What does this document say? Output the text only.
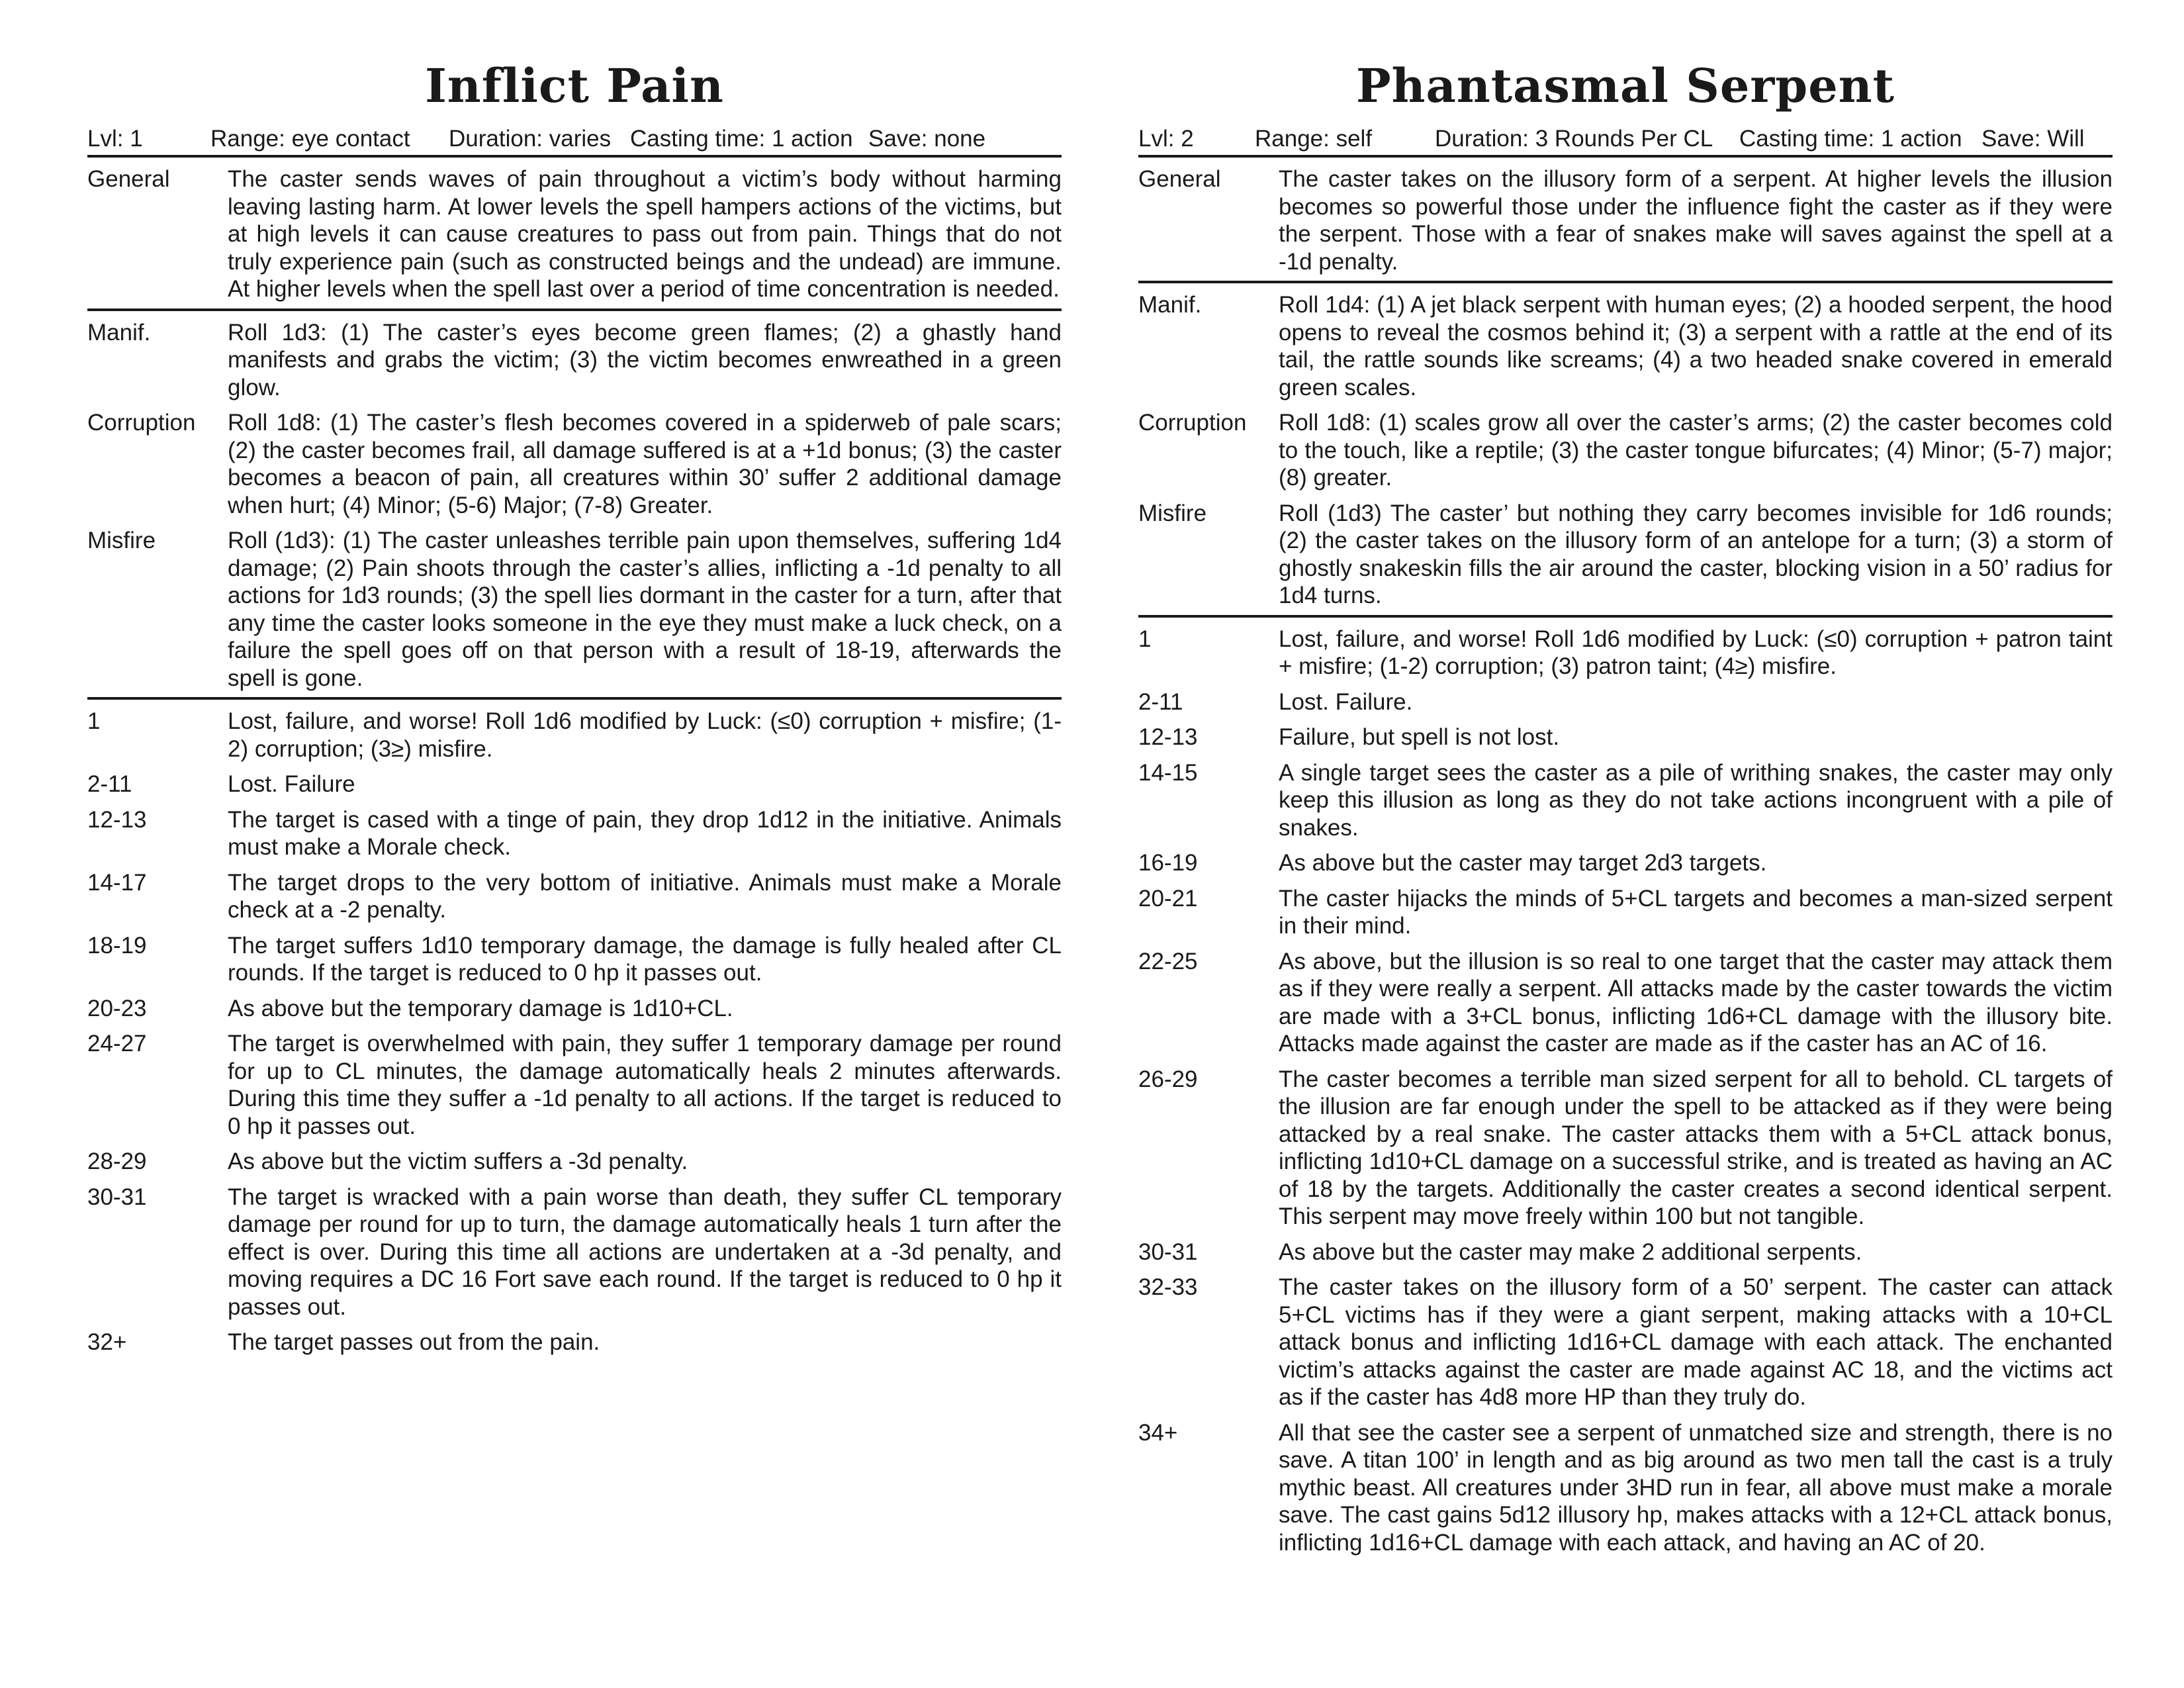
Inflict Pain
Lvl: 1	Range: eye contact Duration: varies Casting time: 1 action Save: none
General	The caster sends waves of pain throughout a victim’s body without harming leaving lasting harm. At lower levels the spell hampers actions of the victims, but at high levels it can cause creatures to pass out from pain. Things that do not truly experience pain (such as constructed beings and the undead) are immune. At higher levels when the spell last over a period of time concentration is needed.
Manif.	Roll 1d3: (1) The caster’s eyes become green flames; (2) a ghastly hand manifests and grabs the victim; (3) the victim becomes enwreathed in a green glow.
Corruption	Roll 1d8: (1) The caster’s flesh becomes covered in a spiderweb of pale scars; (2) the caster becomes frail, all damage suffered is at a +1d bonus; (3) the caster becomes a beacon of pain, all creatures within 30’ suffer 2 additional damage when hurt; (4) Minor; (5-6) Major; (7-8) Greater.
Misfire	Roll (1d3): (1) The caster unleashes terrible pain upon themselves, suffering 1d4 damage; (2) Pain shoots through the caster’s allies, inflicting a -1d penalty to all actions for 1d3 rounds; (3) the spell lies dormant in the caster for a turn, after that any time the caster looks someone in the eye they must make a luck check, on a failure the spell goes off on that person with a result of 18-19, afterwards the spell is gone.
1	Lost, failure, and worse! Roll 1d6 modified by Luck: (≤0) corruption + misfire; (1-2) corruption; (3≥) misfire.
2-11	Lost. Failure
12-13	The target is cased with a tinge of pain, they drop 1d12 in the initiative. Animals must make a Morale check.
14-17	The target drops to the very bottom of initiative. Animals must make a Morale check at a -2 penalty.
18-19	The target suffers 1d10 temporary damage, the damage is fully healed after CL rounds. If the target is reduced to 0 hp it passes out.
20-23	As above but the temporary damage is 1d10+CL.
24-27	The target is overwhelmed with pain, they suffer 1 temporary damage per round for up to CL minutes, the damage automatically heals 2 minutes afterwards. During this time they suffer a -1d penalty to all actions. If the target is reduced to 0 hp it passes out.
28-29	As above but the victim suffers a -3d penalty.
30-31	The target is wracked with a pain worse than death, they suffer CL temporary damage per round for up to turn, the damage automatically heals 1 turn after the effect is over. During this time all actions are undertaken at a -3d penalty, and moving requires a DC 16 Fort save each round. If the target is reduced to 0 hp it passes out.
32+	The target passes out from the pain.
Phantasmal Serpent
Lvl: 2	Range: self	Duration: 3 Rounds Per CL Casting time: 1 action Save: Will
General	The caster takes on the illusory form of a serpent. At higher levels the illusion becomes so powerful those under the influence fight the caster as if they were the serpent. Those with a fear of snakes make will saves against the spell at a -1d penalty.
Manif.	Roll 1d4: (1) A jet black serpent with human eyes; (2) a hooded serpent, the hood opens to reveal the cosmos behind it; (3) a serpent with a rattle at the end of its tail, the rattle sounds like screams; (4) a two headed snake covered in emerald green scales.
Corruption	Roll 1d8: (1) scales grow all over the caster’s arms; (2) the caster becomes cold to the touch, like a reptile; (3) the caster tongue bifurcates; (4) Minor; (5-7) major; (8) greater.
Misfire	Roll (1d3) The caster’ but nothing they carry becomes invisible for 1d6 rounds; (2) the caster takes on the illusory form of an antelope for a turn; (3) a storm of ghostly snakeskin fills the air around the caster, blocking vision in a 50’ radius for 1d4 turns.
1	Lost, failure, and worse! Roll 1d6 modified by Luck: (≤0) corruption + patron taint + misfire; (1-2) corruption; (3) patron taint; (4≥) misfire.
2-11	Lost. Failure.
12-13	Failure, but spell is not lost.
14-15	A single target sees the caster as a pile of writhing snakes, the caster may only keep this illusion as long as they do not take actions incongruent with a pile of snakes.
16-19	As above but the caster may target 2d3 targets.
20-21	The caster hijacks the minds of 5+CL targets and becomes a man-sized serpent in their mind.
22-25	As above, but the illusion is so real to one target that the caster may attack them as if they were really a serpent. All attacks made by the caster towards the victim are made with a 3+CL bonus, inflicting 1d6+CL damage with the illusory bite. Attacks made against the caster are made as if the caster has an AC of 16.
26-29	The caster becomes a terrible man sized serpent for all to behold. CL targets of the illusion are far enough under the spell to be attacked as if they were being attacked by a real snake. The caster attacks them with a 5+CL attack bonus, inflicting 1d10+CL damage on a successful strike, and is treated as having an AC of 18 by the targets. Additionally the caster creates a second identical serpent. This serpent may move freely within 100 but not tangible.
30-31	As above but the caster may make 2 additional serpents.
32-33	The caster takes on the illusory form of a 50’ serpent. The caster can attack 5+CL victims has if they were a giant serpent, making attacks with a 10+CL attack bonus and inflicting 1d16+CL damage with each attack. The enchanted victim’s attacks against the caster are made against AC 18, and the victims act as if the caster has 4d8 more HP than they truly do.
34+	All that see the caster see a serpent of unmatched size and strength, there is no save. A titan 100’ in length and as big around as two men tall the cast is a truly mythic beast. All creatures under 3HD run in fear, all above must make a morale save. The cast gains 5d12 illusory hp, makes attacks with a 12+CL attack bonus, inflicting 1d16+CL damage with each attack, and having an AC of 20.
